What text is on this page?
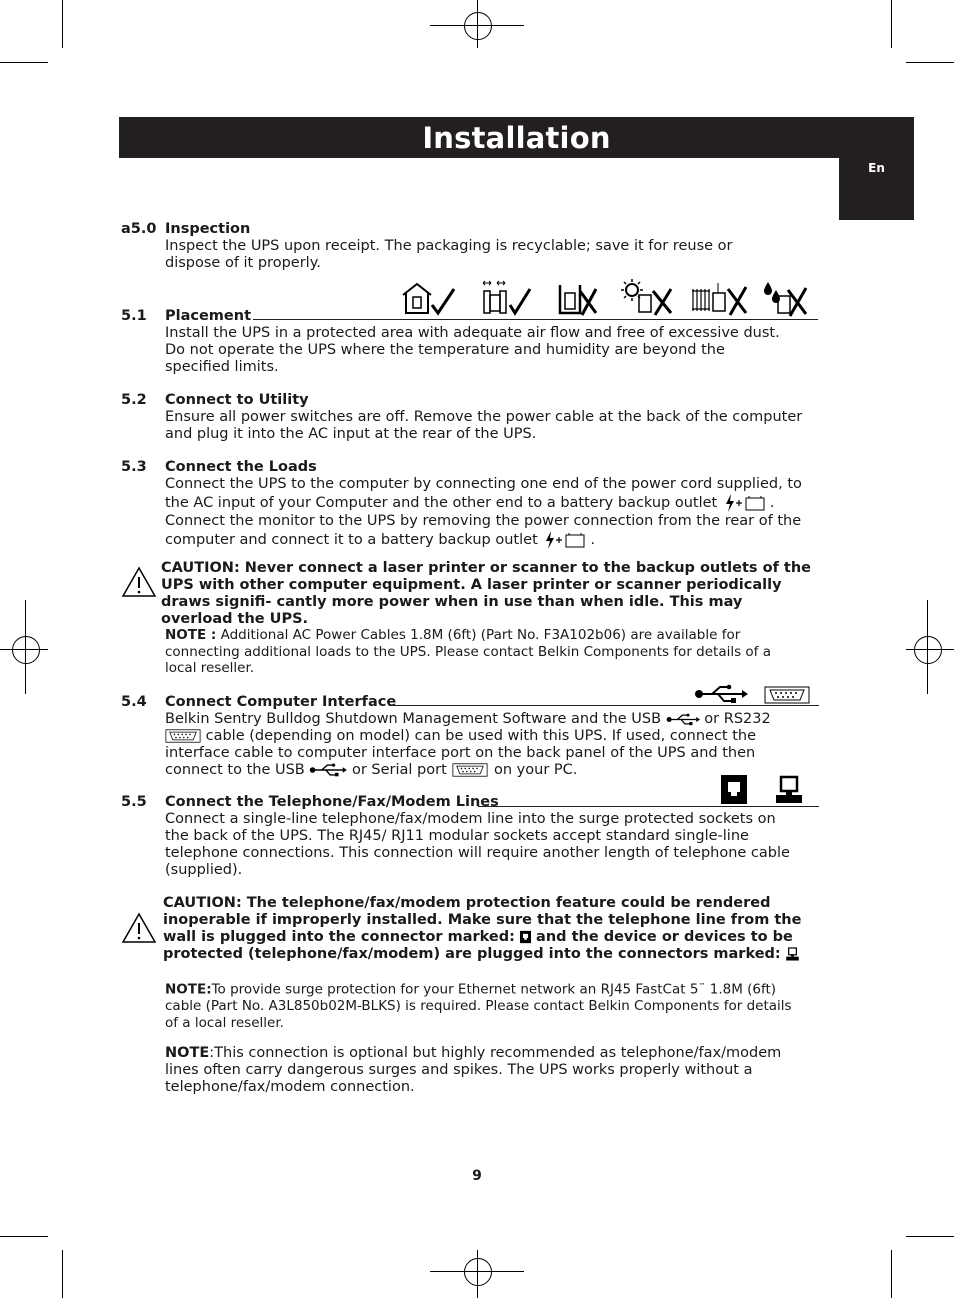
Installation
En
a5.0 Inspection
Inspect the UPS upon receipt. The packaging is recyclable; save it for reuse or dispose of it properly.
5.1 Placement
Install the UPS in a protected area with adequate air flow and free of excessive dust. Do not operate the UPS where the temperature and humidity are beyond the specified limits.
5.2 Connect to Utility
Ensure all power switches are off. Remove the power cable at the back of the computer and plug it into the AC input at the rear of the UPS.
5.3 Connect the Loads
Connect the UPS to the computer by connecting one end of the power cord supplied, to the AC input of your Computer and the other end to a battery backup outlet	. Connect the monitor to the UPS by removing the power connection from the rear of the computer and connect it to a battery backup outlet	.
CAUTION: Never connect a laser printer or scanner to the backup outlets of the UPS with other computer equipment. A laser printer or scanner periodically draws signifi- cantly more power when in use than when idle. This may overload the UPS.
NOTE : Additional AC Power Cables 1.8M (6ft) (Part No. F3A102b06) are available for connecting additional loads to the UPS. Please contact Belkin Components for details of a local reseller.
5.4 Connect Computer Interface
Belkin Sentry Bulldog Shutdown Management Software and the USB	or RS232  cable (depending on model) can be used with this UPS. If used, connect the interface cable to computer interface port on the back panel of the UPS and then connect to the USB	or Serial port	on your PC.
5.5 Connect the Telephone/Fax/Modem Lines
Connect a single-line telephone/fax/modem line into the surge protected sockets on the back of the UPS. The RJ45/ RJ11 modular sockets accept standard single-line telephone connections. This connection will require another length of telephone cable (supplied).
CAUTION: The telephone/fax/modem protection feature could be rendered inoperable if improperly installed. Make sure that the telephone line from the wall is plugged into the connector marked:  and the device or devices to be protected (telephone/fax/modem) are plugged into the connectors marked:
NOTE:To provide surge protection for your Ethernet network an RJ45 FastCat 5™ 1.8M (6ft) cable (Part No. A3L850b02M-BLKS) is required. Please contact Belkin Components for details of a local reseller.
NOTE:This connection is optional but highly recommended as telephone/fax/modem lines often carry dangerous surges and spikes. The UPS works properly without a telephone/fax/modem connection.
9
